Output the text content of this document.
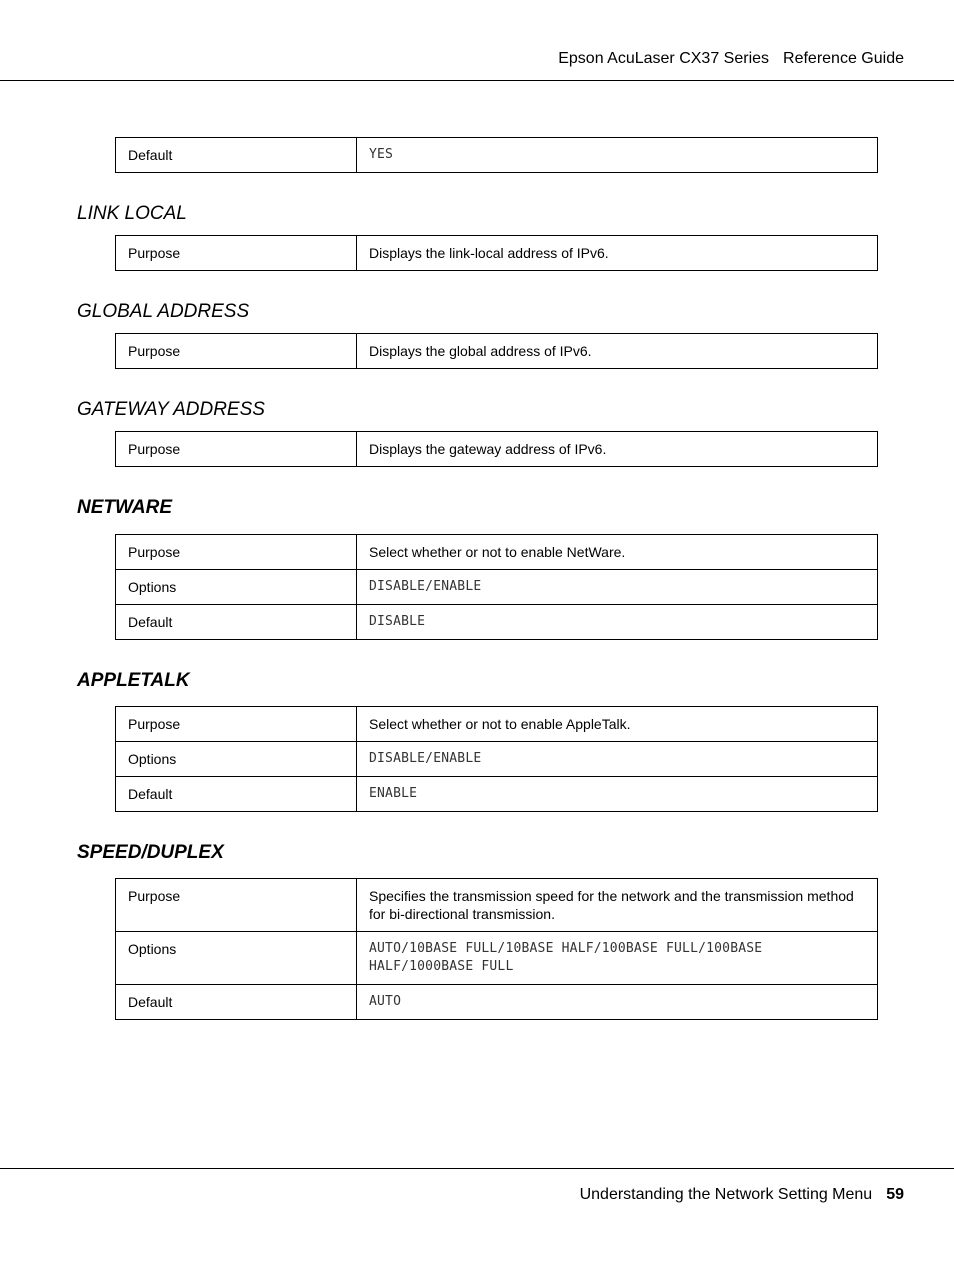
Epson AcuLaser CX37 Series Reference Guide
Default	YES
LINK LOCAL
Purpose	Displays the link-local address of IPv6.
GLOBAL ADDRESS
Purpose	Displays the global address of IPv6.
GATEWAY ADDRESS
Purpose	Displays the gateway address of IPv6.
NETWARE
Purpose	Select whether or not to enable NetWare.
Options	DISABLE/ENABLE
Default	DISABLE
APPLETALK
Purpose	Select whether or not to enable AppleTalk.
Options	DISABLE/ENABLE
Default	ENABLE
SPEED/DUPLEX
Purpose	Specifies the transmission speed for the network and the transmission method for bi-directional transmission.
Options	AUTO/10BASE FULL/10BASE HALF/100BASE FULL/100BASE HALF/1000BASE FULL
Default	AUTO
Understanding the Network Setting Menu 59
